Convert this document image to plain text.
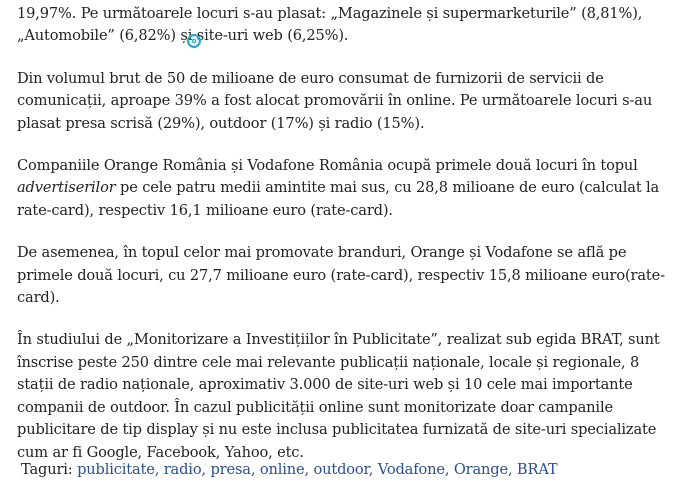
19,97%. Pe următoarele locuri s-au plasat: „Magazinele și supermarketurile” (8,81%), „Automobile” (6,82%) și site-uri web (6,25%).

Din volumul brut de 50 de milioane de euro consumat de furnizorii de servicii de comunicații, aproape 39% a fost alocat promovării în online. Pe următoarele locuri s-au plasat presa scrisă (29%), outdoor (17%) și radio (15%).

Companiile Orange România și Vodafone România ocupă primele două locuri în topul advertiserilor pe cele patru medii amintite mai sus, cu 28,8 milioane de euro (calculat la rate-card), respectiv 16,1 milioane euro (rate-card).

De asemenea, în topul celor mai promovate branduri, Orange și Vodafone se află pe primele două locuri, cu 27,7 milioane euro (rate-card), respectiv 15,8 milioane euro(rate-card).

În studiului de „Monitorizare a Investițiilor în Publicitate”, realizat sub egida BRAT, sunt înscrise peste 250 dintre cele mai relevante publicații naționale, locale și regionale, 8 stații de radio naționale, aproximativ 3.000 de site-uri web și 10 cele mai importante companii de outdoor. În cazul publicității online sunt monitorizate doar campanile publicitare de tip display și nu este inclusa publicitatea furnizată de site-uri specializate cum ar fi Google, Facebook, Yahoo, etc.

Taguri: publicitate, radio, presa, online, outdoor, Vodafone, Orange, BRAT
